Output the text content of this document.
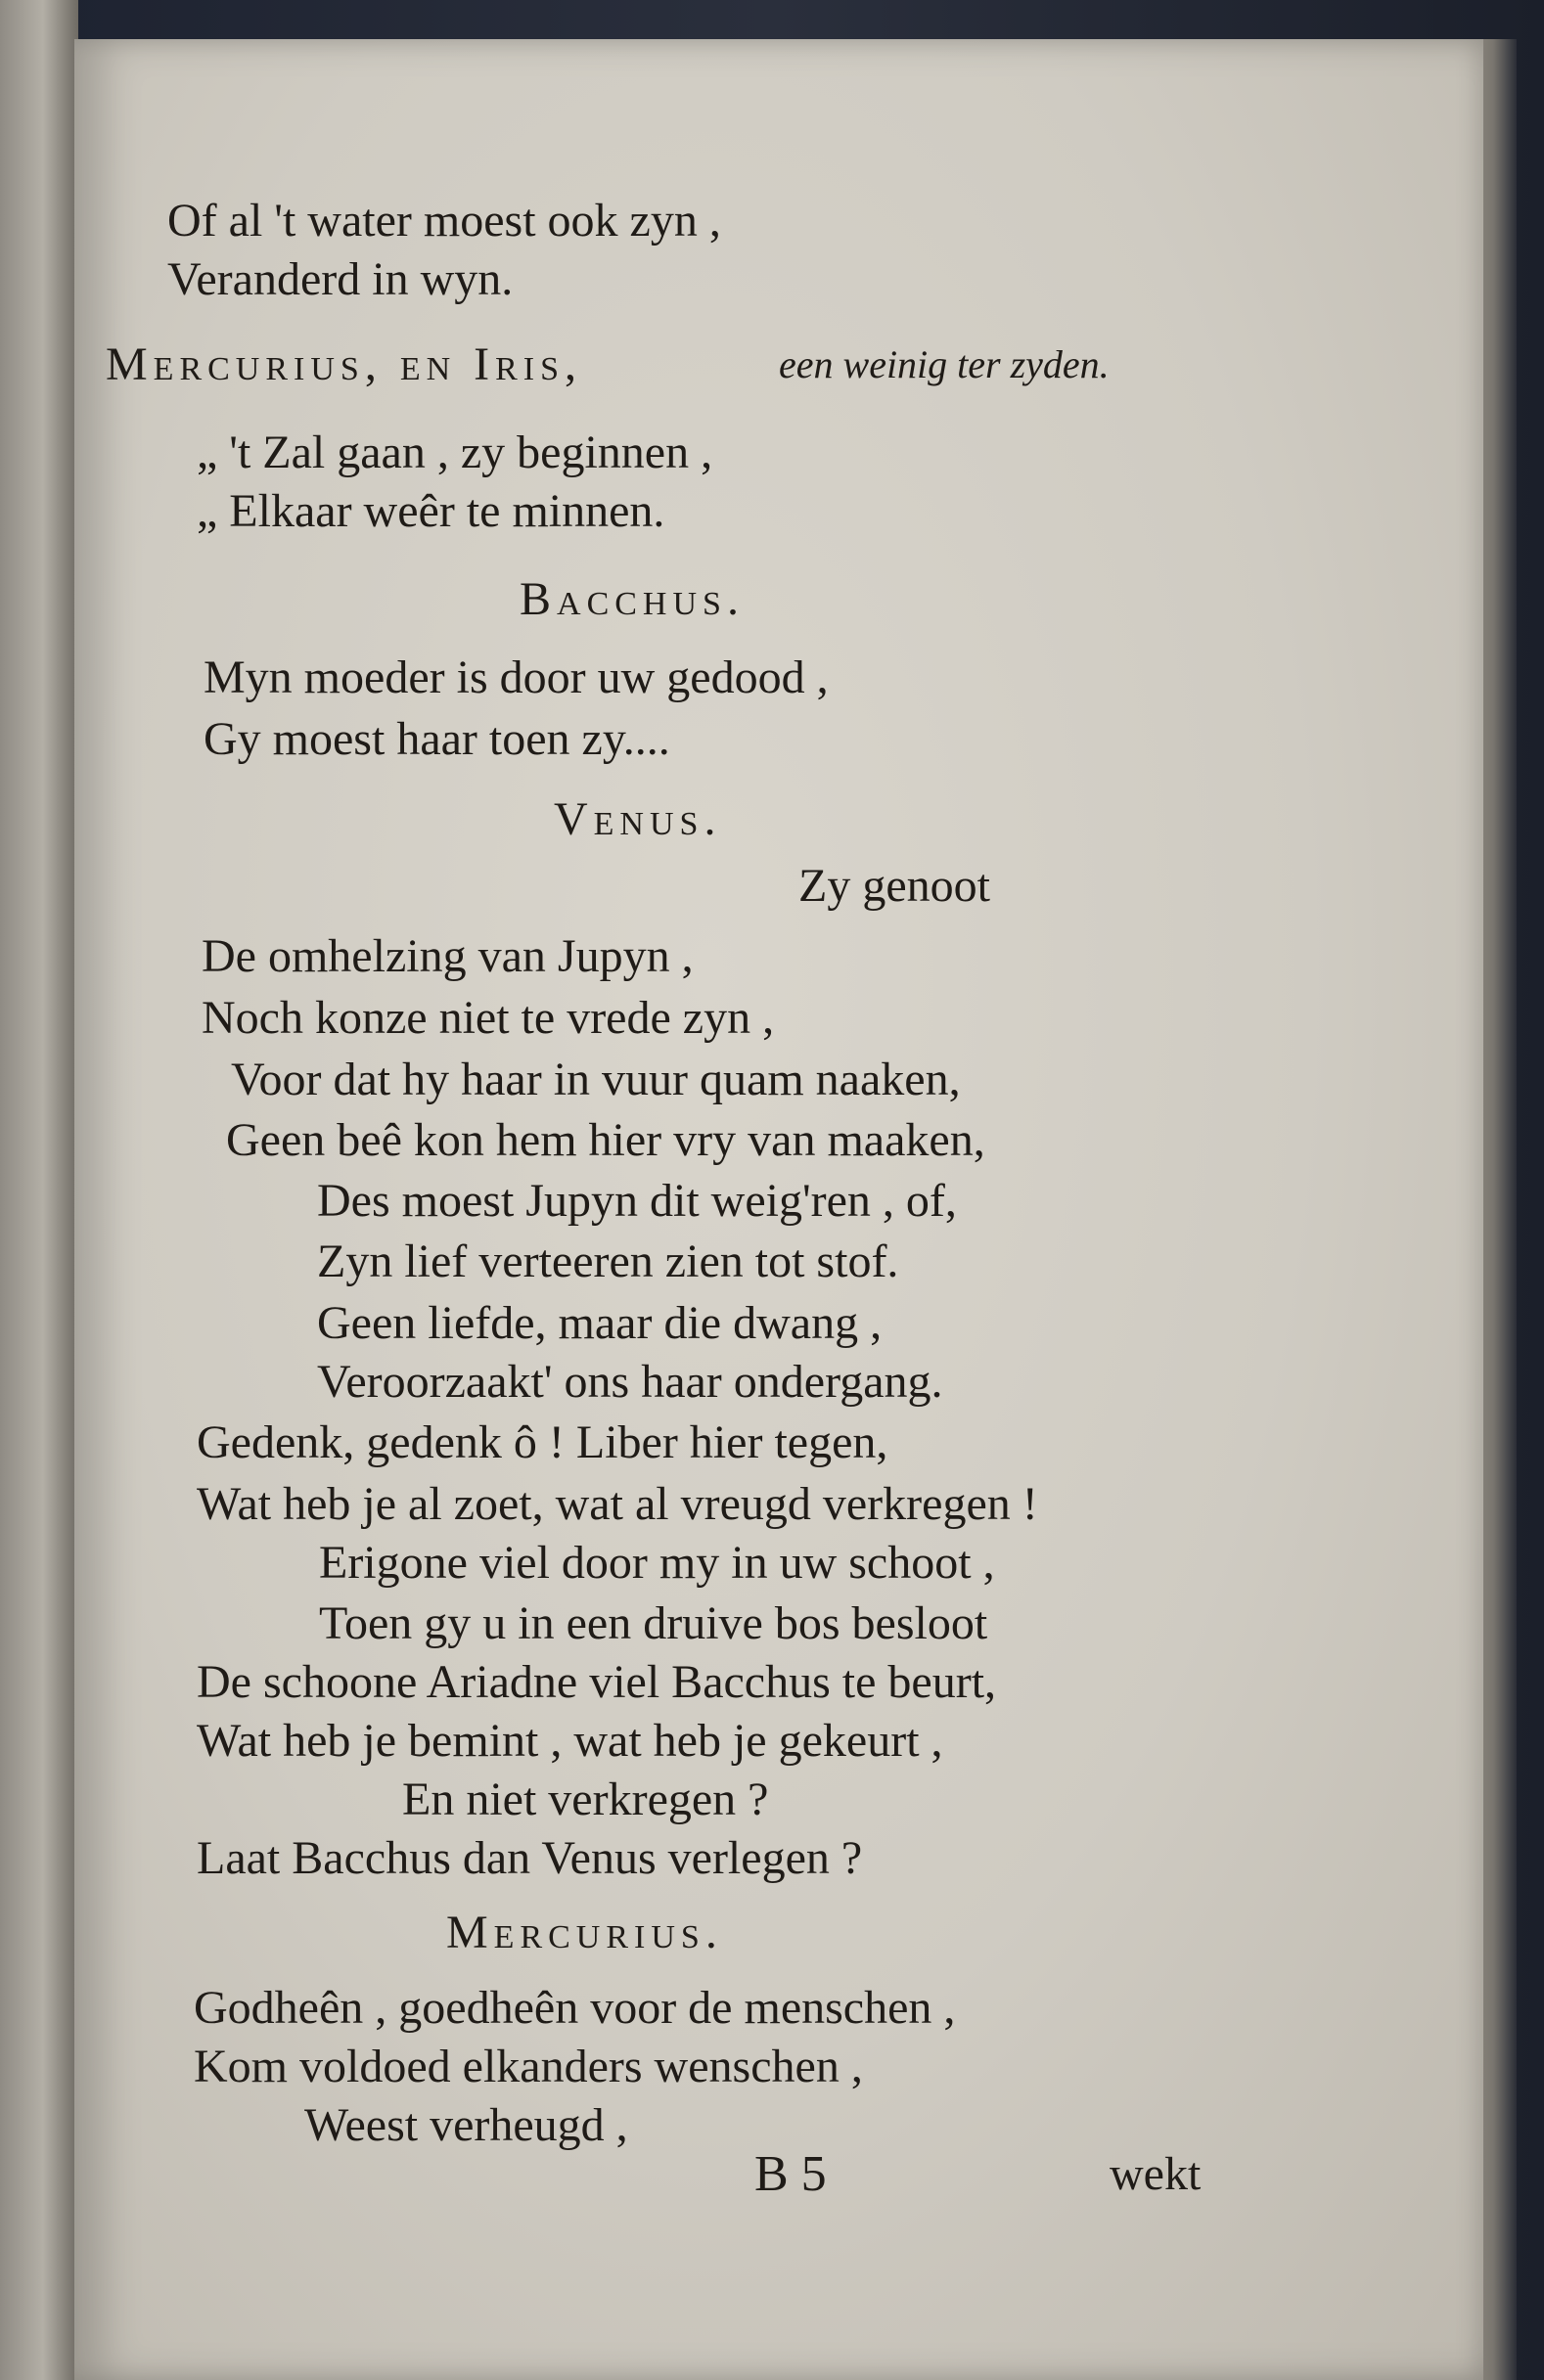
Of al 't water moest ook zyn ,
Veranderd in wyn.
Mercurius, en Iris,	een weinig ter zyden.
„ 't Zal gaan , zy beginnen ,
„ Elkaar weêr te minnen.
Bacchus.
Myn moeder is door uw gedood ,
Gy moest haar toen zy....
Venus.
Zy genoot
De omhelzing van Jupyn ,
Noch konze niet te vrede zyn ,
Voor dat hy haar in vuur quam naaken,
Geen beê kon hem hier vry van maaken,
Des moest Jupyn dit weig'ren , of,
Zyn lief verteeren zien tot stof.
Geen liefde, maar die dwang ,
Veroorzaakt' ons haar ondergang.
Gedenk, gedenk ô ! Liber hier tegen,
Wat heb je al zoet, wat al vreugd verkregen !
Erigone viel door my in uw schoot ,
Toen gy u in een druive bos besloot
De schoone Ariadne viel Bacchus te beurt,
Wat heb je bemint , wat heb je gekeurt ,
En niet verkregen ?
Laat Bacchus dan Venus verlegen ?
Mercurius.
Godheên , goedheên voor de menschen ,
Kom voldoed elkanders wenschen ,
Weest verheugd ,
B 5	wekt
